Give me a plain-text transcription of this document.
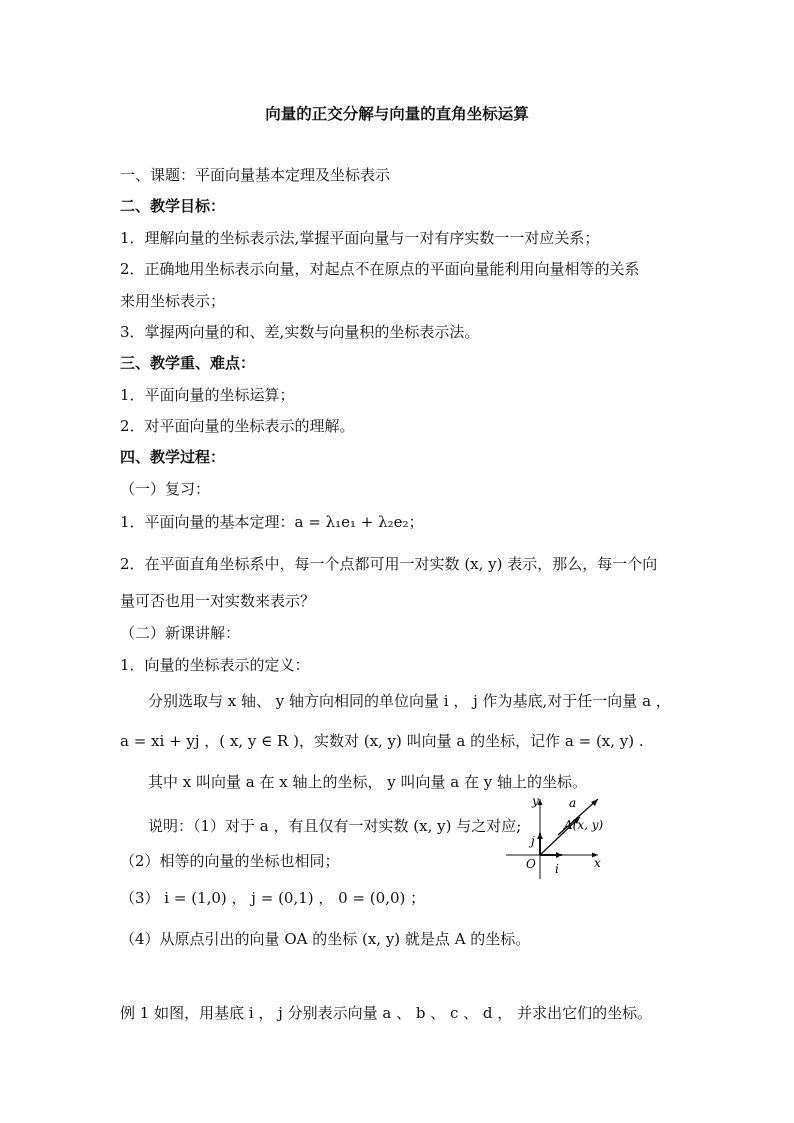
向量的正交分解与向量的直角坐标运算
一、课题：平面向量基本定理及坐标表示
二、教学目标：
1．理解向量的坐标表示法,掌握平面向量与一对有序实数一一对应关系；
2．正确地用坐标表示向量，对起点不在原点的平面向量能利用向量相等的关系
来用坐标表示；
3．掌握两向量的和、差,实数与向量积的坐标表示法。
三、教学重、难点：
1．平面向量的坐标运算；
2．对平面向量的坐标表示的理解。
四、教学过程：
（一）复习：
1．平面向量的基本定理：a = λ₁e₁ + λ₂e₂；
2．在平面直角坐标系中，每一个点都可用一对实数 (x, y) 表示，那么，每一个向
量可否也用一对实数来表示？
（二）新课讲解：
1．向量的坐标表示的定义：
分别选取与 x 轴、 y 轴方向相同的单位向量 i ， j 作为基底,对于任一向量 a ，
a = xi + yj ，( x, y ∈ R )，实数对 (x, y) 叫向量 a 的坐标，记作 a = (x, y) .
其中 x 叫向量 a 在 x 轴上的坐标， y 叫向量 a 在 y 轴上的坐标。
说明：（1）对于 a ，有且仅有一对实数 (x, y) 与之对应;
（2）相等的向量的坐标也相同；
（3） i = (1,0) ， j = (0,1) ， 0 = (0,0) ；
（4）从原点引出的向量 OA 的坐标 (x, y) 就是点 A 的坐标。
例 1 如图，用基底 i ， j 分别表示向量 a 、 b 、 c 、 d ， 并求出它们的坐标。
y
x
O i
j
a
A(x, y)
